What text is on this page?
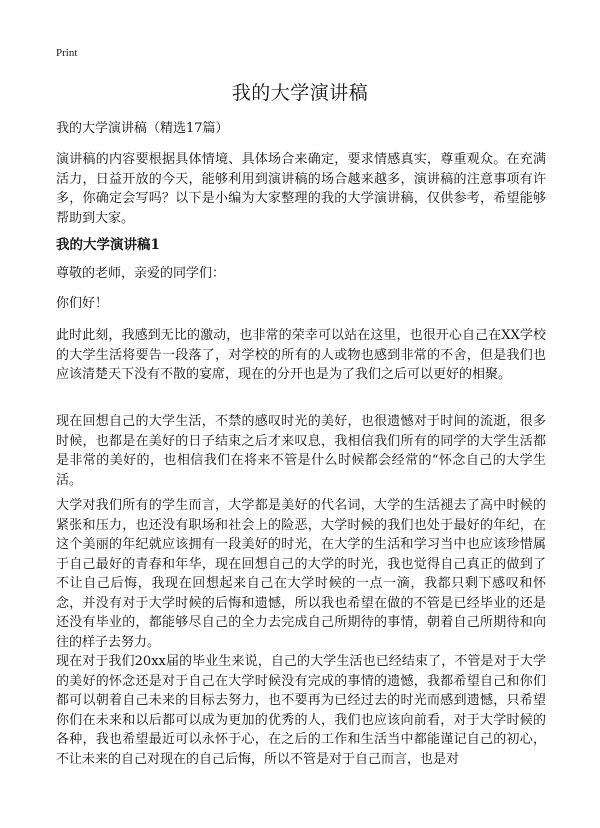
Print
我的大学演讲稿
我的大学演讲稿（精选17篇）

演讲稿的内容要根据具体情境、具体场合来确定，要求情感真实，尊重观众。在充满活力，日益开放的今天，能够利用到演讲稿的场合越来越多，演讲稿的注意事项有许多，你确定会写吗？以下是小编为大家整理的我的大学演讲稿，仅供参考，希望能够帮助到大家。

我的大学演讲稿1

尊敬的老师，亲爱的同学们：

你们好！

此时此刻，我感到无比的激动，也非常的荣幸可以站在这里，也很开心自己在XX学校的大学生活将要告一段落了，对学校的所有的人或物也感到非常的不舍，但是我们也应该清楚天下没有不散的宴席，现在的分开也是为了我们之后可以更好的相聚。

现在回想自己的大学生活，不禁的感叹时光的美好，也很遗憾对于时间的流逝，很多时候，也都是在美好的日子结束之后才来叹息，我相信我们所有的同学的大学生活都是非常的美好的，也相信我们在将来不管是什么时候都会经常的“怀念自己的大学生活。

大学对我们所有的学生而言，大学都是美好的代名词，大学的生活褪去了高中时候的紧张和压力，也还没有职场和社会上的险恶，大学时候的我们也处于最好的年纪，在这个美丽的年纪就应该拥有一段美好的时光，在大学的生活和学习当中也应该珍惜属于自己最好的青春和年华，现在回想自己的大学的时光，我也觉得自己真正的做到了不让自己后悔，我现在回想起来自己在大学时候的一点一滴，我都只剩下感叹和怀念，并没有对于大学时候的后悔和遗憾，所以我也希望在做的不管是已经毕业的还是还没有毕业的，都能够尽自己的全力去完成自己所期待的事情，朝着自己所期待和向往的样子去努力。

现在对于我们20xx届的毕业生来说，自己的大学生活也已经结束了，不管是对于大学的美好的怀念还是对于自己在大学时候没有完成的事情的遗憾，我都希望自己和你们都可以朝着自己未来的目标去努力，也不要再为已经过去的时光而感到遗憾，只希望你们在未来和以后都可以成为更加的优秀的人，我们也应该向前看，对于大学时候的各种，我也希望最近可以永怀于心，在之后的工作和生活当中都能谨记自己的初心，不让未来的自己对现在的自己后悔，所以不管是对于自己而言，也是对
